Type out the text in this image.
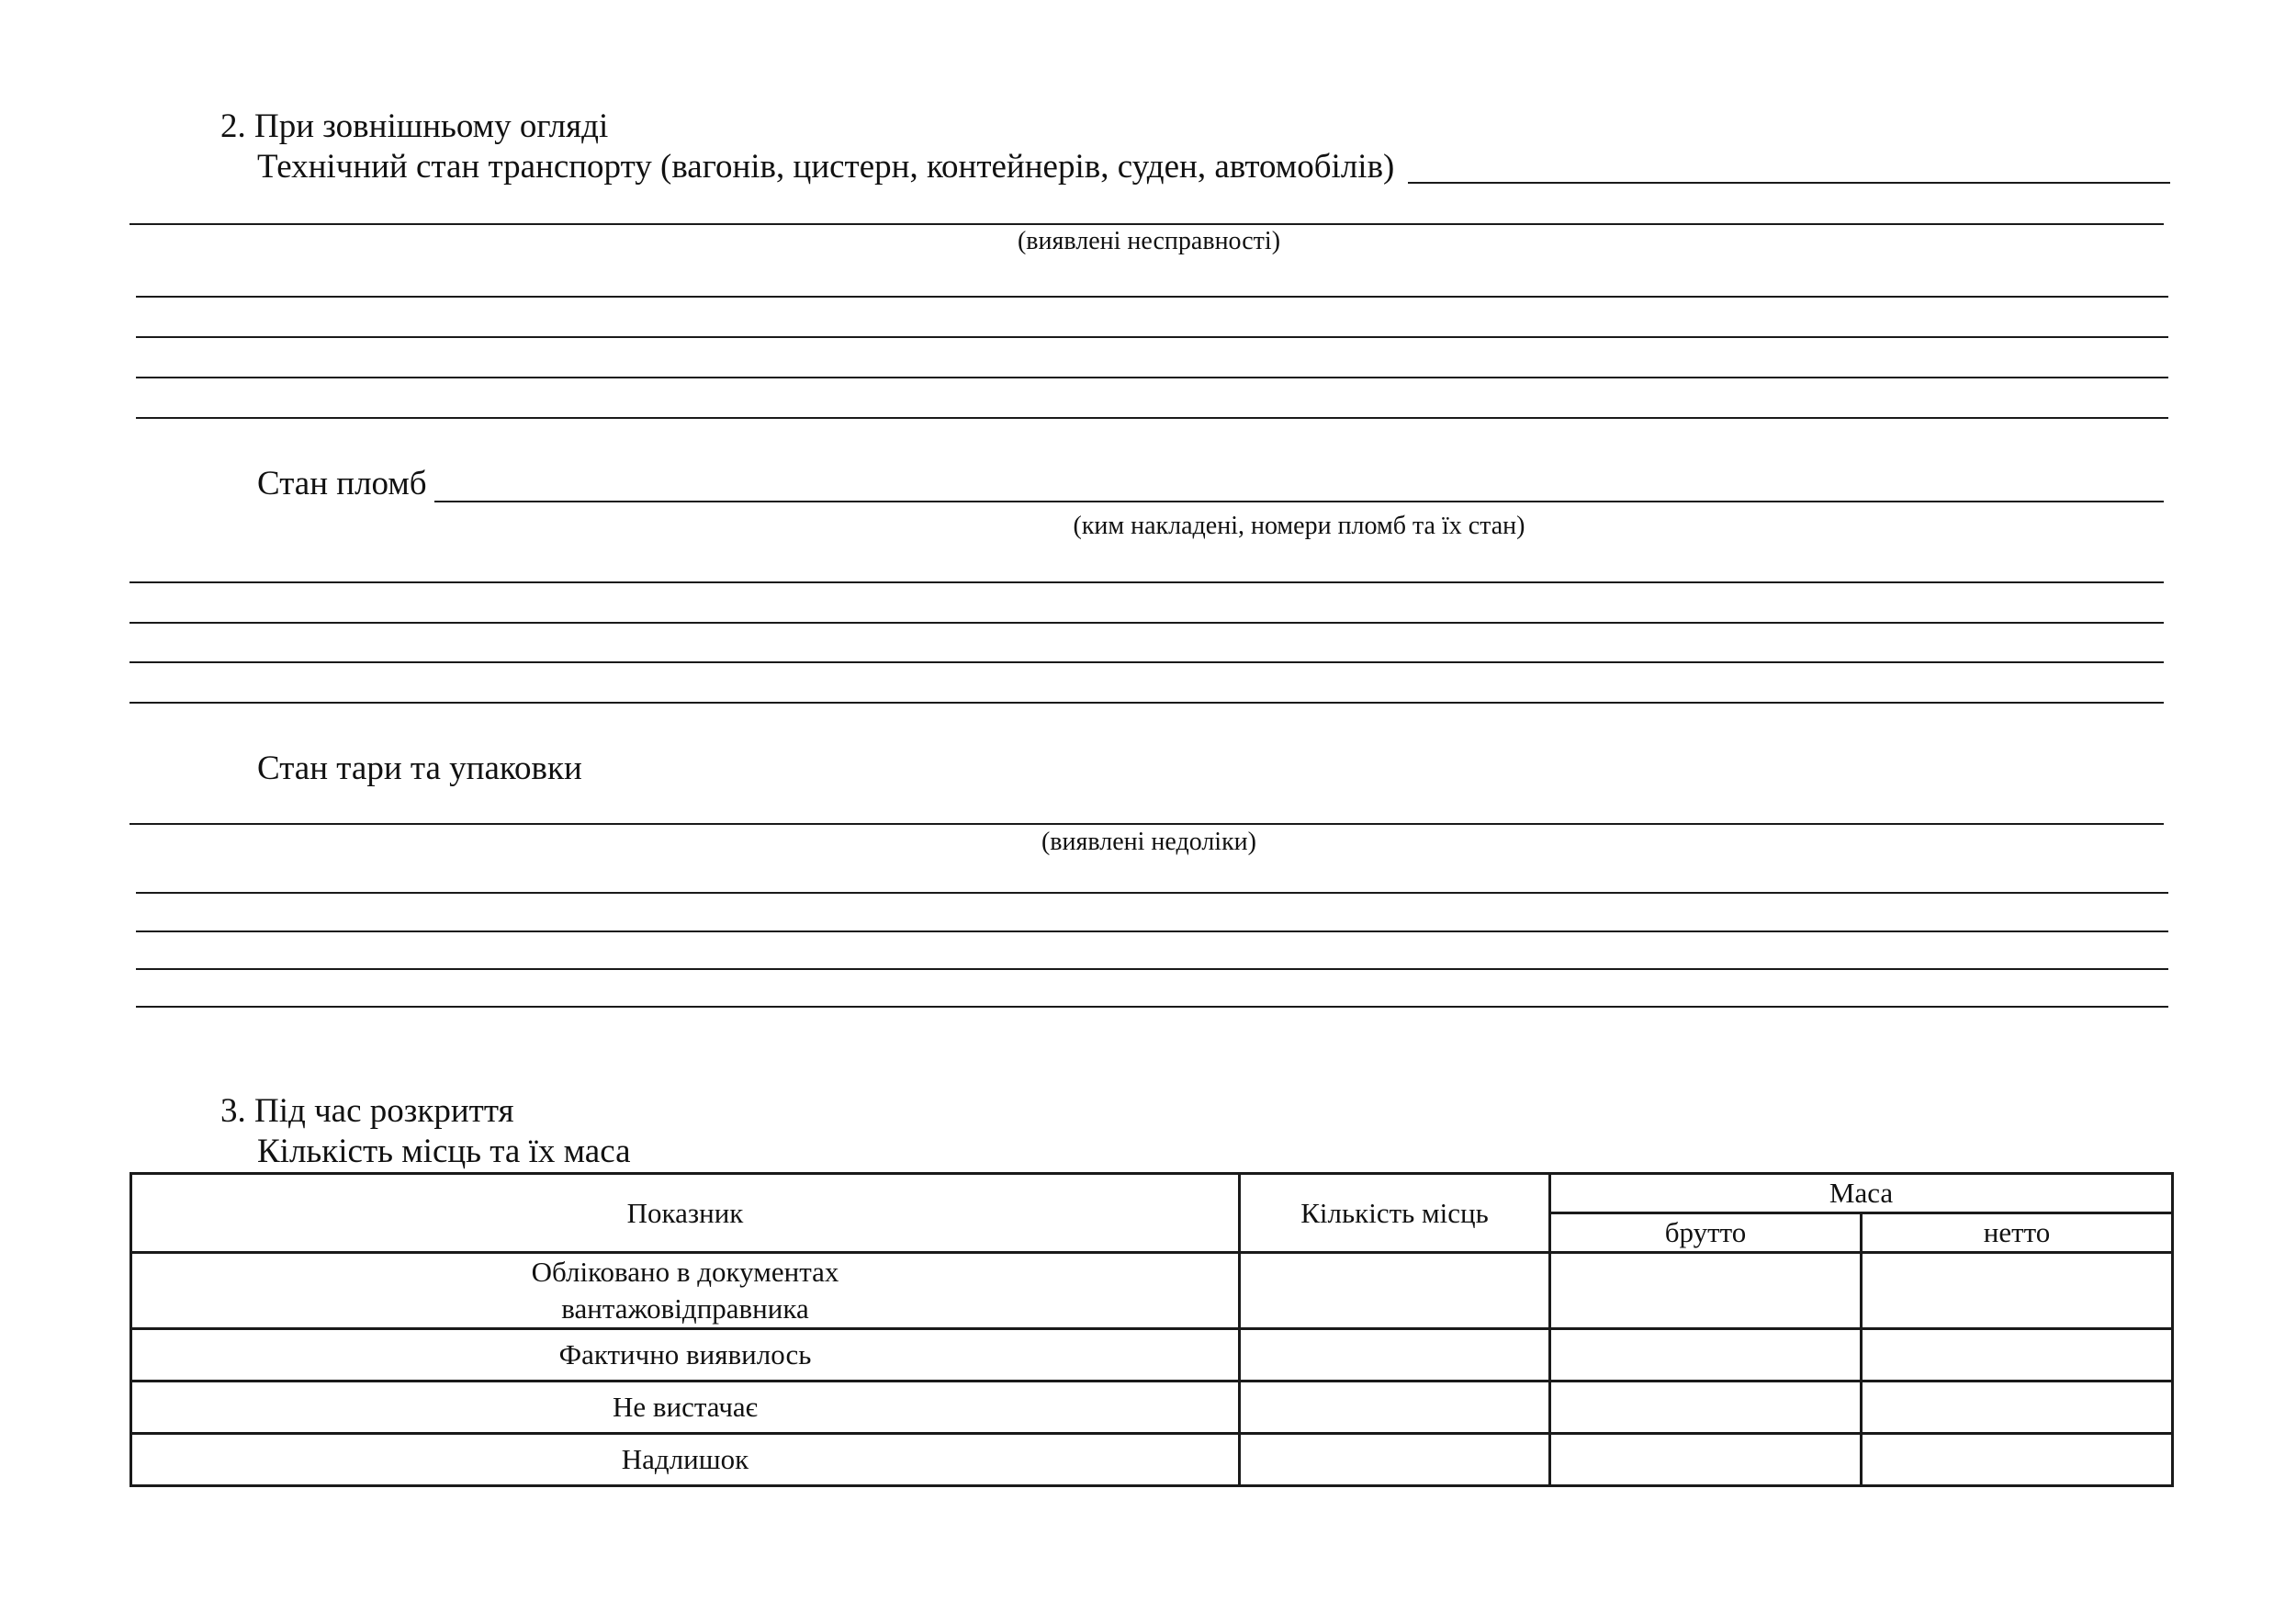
2. При зовнішньому огляді
Технічний стан транспорту (вагонів, цистерн, контейнерів, суден, автомобілів)
(виявлені несправності)
Стан пломб
(ким накладені, номери пломб та їх стан)
Стан тари та упаковки
(виявлені недоліки)
3. Під час розкриття
Кількість місць та їх маса
Показник	Кількість місць	Маса	
		брутто	нетто

Обліковано в документах
вантажовідправника			

Фактично виявилось			
Не вистачає			
Надлишок			
